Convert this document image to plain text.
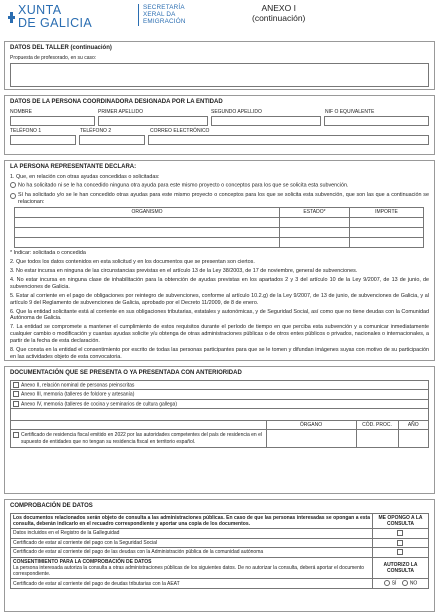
XUNTA
DE GALICIA
SECRETARÍA
XERAL DA
EMIGRACIÓN
ANEXO I
(continuación)
DATOS DEL TALLER (continuación)
Propuesta de profesorado, en su caso:
DATOS DE LA PERSONA COORDINADORA DESIGNADA POR LA ENTIDAD
NOMBRE	PRIMER APELLIDO	SEGUNDO APELLIDO	NIF O EQUIVALENTE
TELÉFONO 1	TELÉFONO 2	CORREO ELECTRÓNICO
LA PERSONA REPRESENTANTE DECLARA:

1. Que, en relación con otras ayudas concedidas o solicitadas:

No ha solicitado ni se le ha concedido ninguna otra ayuda para este mismo proyecto o conceptos para los que se solicita esta subvención.

Sí ha solicitado y/o se le han concedido otras ayudas para este mismo proyecto o conceptos para los que se solicita esta subvención, que son las que a continuación se relacionan:

ORGANISMO	ESTADO*	IMPORTE

* Indicar: solicitada o concedida

2. Que todos los datos contenidos en esta solicitud y en los documentos que se presentan son ciertos.

3. No estar incursa en ninguna de las circunstancias previstas en el artículo 13 de la Ley 38/2003, de 17 de noviembre, general de subvenciones.

4. No estar incursa en ninguna clase de inhabilitación para la obtención de ayudas previstas en los apartados 2 y 3 del artículo 10 de la Ley 9/2007, de 13 de junio, de subvenciones de Galicia.

5. Estar al corriente en el pago de obligaciones por reintegro de subvenciones, conforme al artículo 10.2.g) de la Ley 9/2007, de 13 de junio, de subvenciones de Galicia, y al artículo 9 del Reglamento de subvenciones de Galicia, aprobado por el Decreto 11/2009, de 8 de enero.

6. Que la entidad solicitante está al corriente en sus obligaciones tributarias, estatales y autonómicas, y de Seguridad Social, así como que no tiene deudas con la Comunidad Autónoma de Galicia.

7. La entidad se compromete a mantener el cumplimiento de estos requisitos durante el período de tiempo en que perciba esta subvención y a comunicar inmediatamente cualquier cambio o modificación y cuantas ayudas solicite y/u obtenga de otras administraciones públicas o de otros entes públicos o privados, nacionales o internacionales, a partir de la fecha de esta declaración.

8. Que consta en la entidad el consentimiento por escrito de todas las personas participantes para que se le tomen y difundan imágenes suyas con motivo de su participación en las actividades objeto de esta convocatoria.

DOCUMENTACIÓN QUE SE PRESENTA O YA PRESENTADA CON ANTERIORIDAD
Anexo II, relación nominal de personas preinscritas
Anexo III, memoria (talleres de folclore y artesanía)
Anexo IV, memoria (talleres de cocina y seminarios de cultura gallega)
	ÓRGANO	CÓD. PROC.	AÑO

Certificado de residencia fiscal emitido en 2022 por las autoridades competentes del país de residencia en el supuesto de entidades que no tengan su residencia fiscal en territorio español.			

COMPROBACIÓN DE DATOS
Los documentos relacionados serán objeto de consulta a las administraciones públicas. En caso de que las personas interesadas se opongan a esta consulta, deberán indicarlo en el recuadro correspondiente y aportar una copia de los documentos.	ME OPONGO A LA CONSULTA
Datos incluidos en el Registro de la Galleguidad	
Certificado de estar al corriente del pago con la Seguridad Social	
Certificado de estar al corriente del pago de las deudas con la Administración pública de la comunidad autónoma	

CONSENTIMIENTO PARA LA COMPROBACIÓN DE DATOS
La persona interesada autoriza la consulta a otras administraciones públicas de los siguientes datos. De no autorizar la consulta, deberá aportar el documento correspondiente.	AUTORIZO LA CONSULTA
Certificado de estar al corriente del pago de deudas tributarias con la AEAT	SÍ NO
